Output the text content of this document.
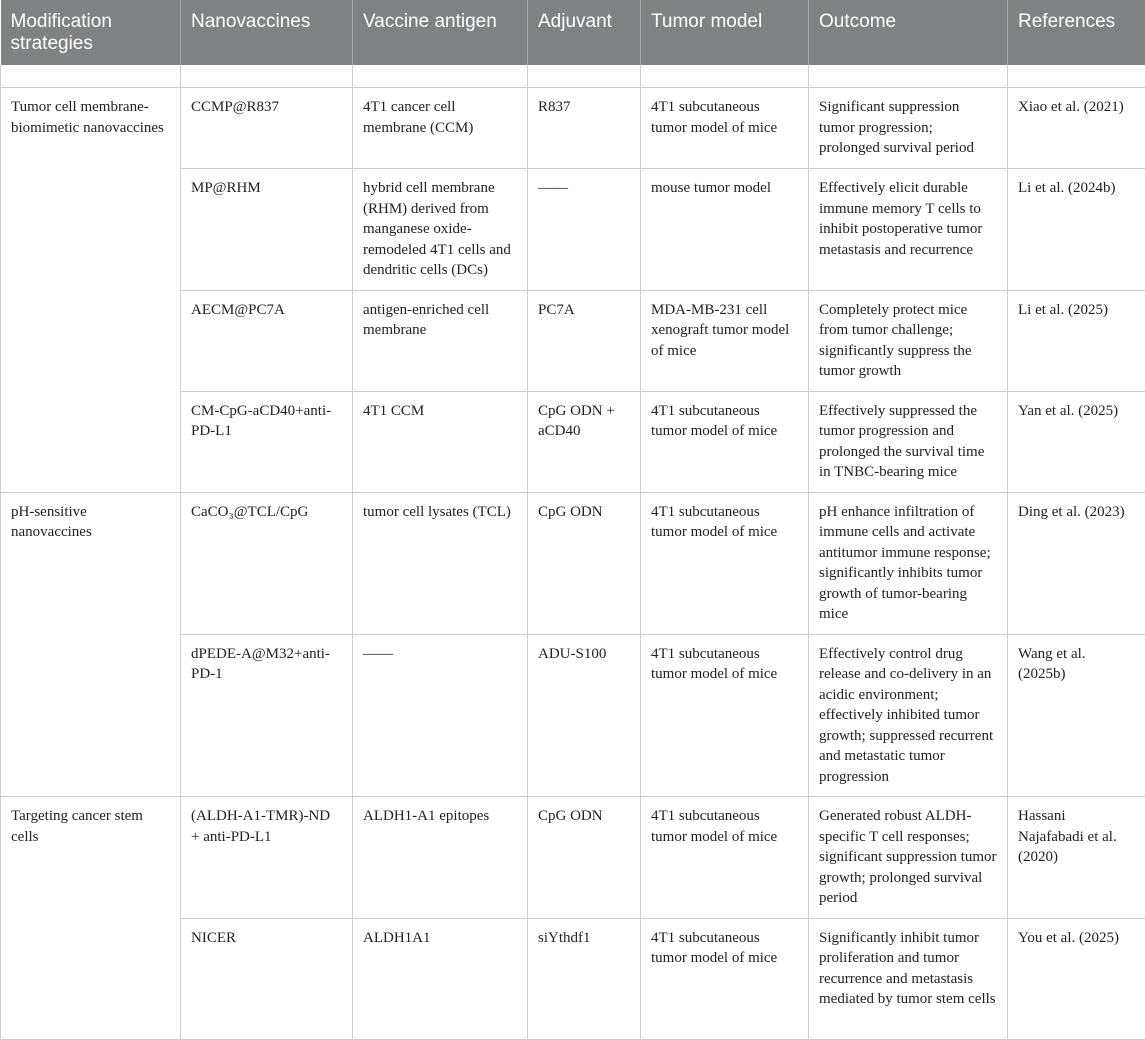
Modification strategies	Nanovaccines	Vaccine antigen	Adjuvant	Tumor model	Outcome	References

Tumor cell membrane-biomimetic nanovaccines	CCMP@R837	4T1 cancer cell membrane (CCM)	R837	4T1 subcutaneous tumor model of mice	Significant suppression tumor progression; prolonged survival period	Xiao et al. (2021)
	MP@RHM	hybrid cell membrane (RHM) derived from manganese oxide-remodeled 4T1 cells and dendritic cells (DCs)	——	mouse tumor model	Effectively elicit durable immune memory T cells to inhibit postoperative tumor metastasis and recurrence	Li et al. (2024b)
	AECM@PC7A	antigen-enriched cell membrane	PC7A	MDA-MB-231 cell xenograft tumor model of mice	Completely protect mice from tumor challenge; significantly suppress the tumor growth	Li et al. (2025)
	CM-CpG-aCD40+anti-PD-L1	4T1 CCM	CpG ODN + aCD40	4T1 subcutaneous tumor model of mice	Effectively suppressed the tumor progression and prolonged the survival time in TNBC-bearing mice	Yan et al. (2025)
pH-sensitive nanovaccines	CaCO₃@TCL/CpG	tumor cell lysates (TCL)	CpG ODN	4T1 subcutaneous tumor model of mice	pH enhance infiltration of immune cells and activate antitumor immune response; significantly inhibits tumor growth of tumor-bearing mice	Ding et al. (2023)
	dPEDE-A@M32+anti-PD-1	——	ADU-S100	4T1 subcutaneous tumor model of mice	Effectively control drug release and co-delivery in an acidic environment; effectively inhibited tumor growth; suppressed recurrent and metastatic tumor progression	Wang et al. (2025b)
Targeting cancer stem cells	(ALDH-A1-TMR)-ND + anti-PD-L1	ALDH1-A1 epitopes	CpG ODN	4T1 subcutaneous tumor model of mice	Generated robust ALDH-specific T cell responses; significant suppression tumor growth; prolonged survival period	Hassani Najafabadi et al. (2020)
	NICER	ALDH1A1	siYthdf1	4T1 subcutaneous tumor model of mice	Significantly inhibit tumor proliferation and tumor recurrence and metastasis mediated by tumor stem cells	You et al. (2025)
